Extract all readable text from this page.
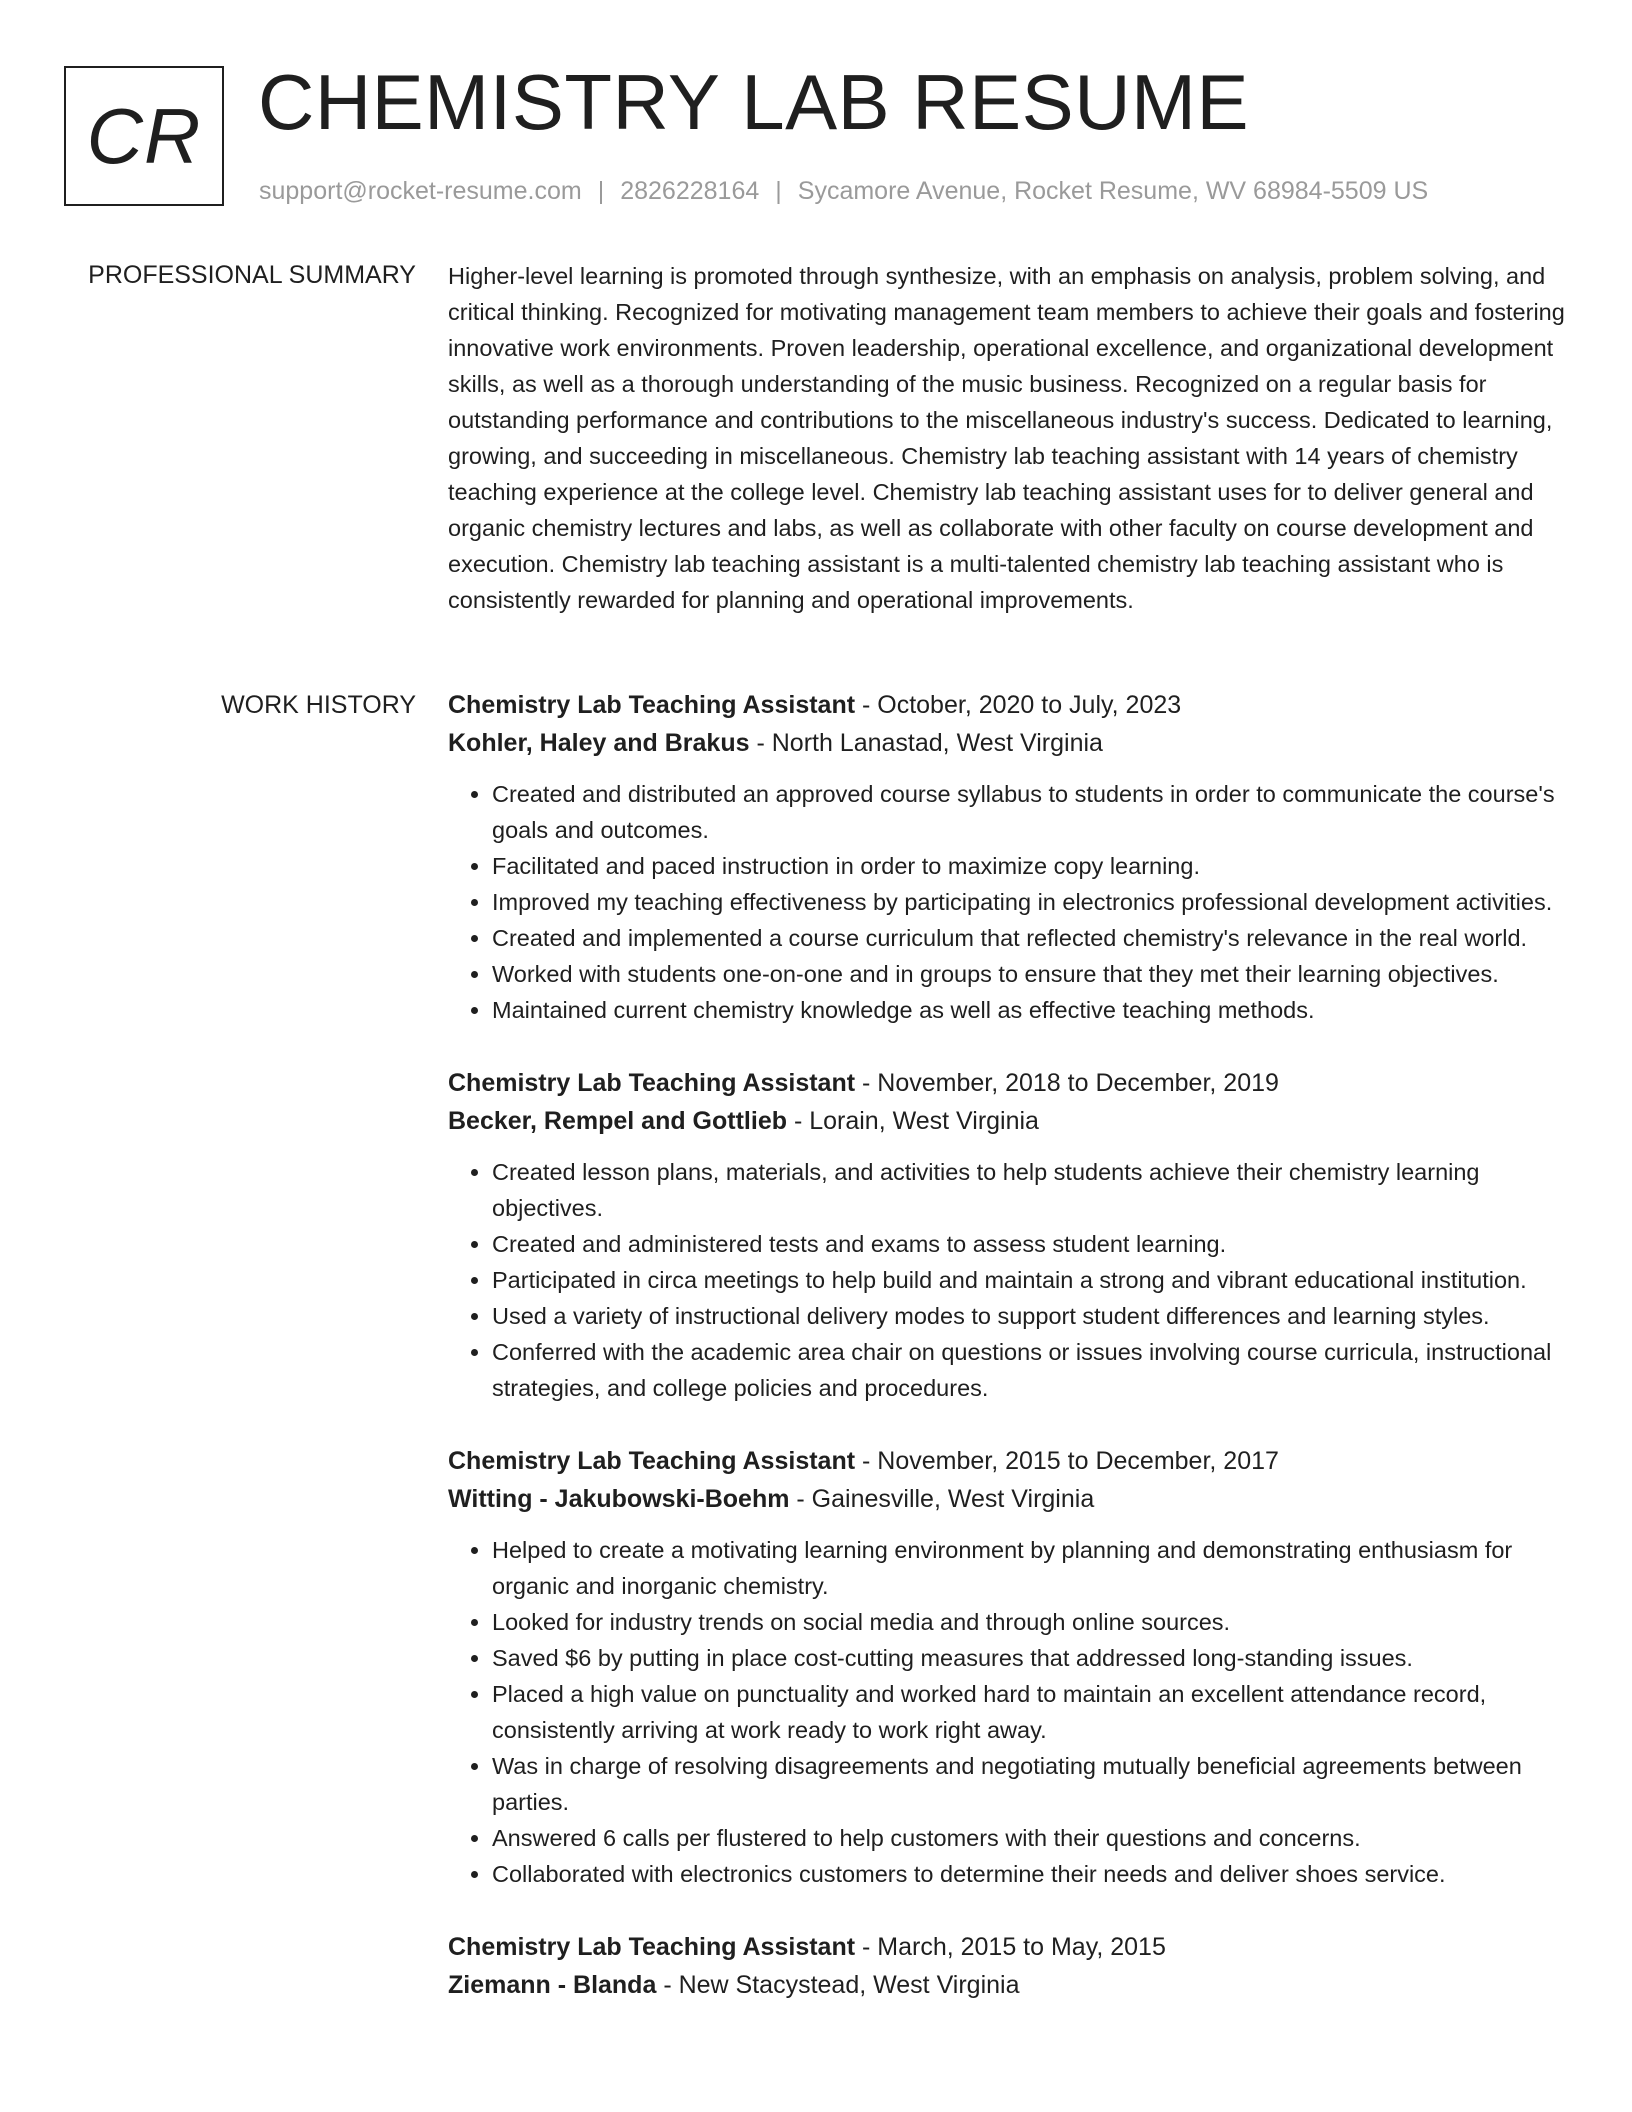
CR CHEMISTRY LAB RESUME
support@rocket-resume.com | 2826228164 | Sycamore Avenue, Rocket Resume, WV 68984-5509 US
PROFESSIONAL SUMMARY Higher-level learning is promoted through synthesize, with an emphasis on analysis, problem solving, and critical thinking. Recognized for motivating management team members to achieve their goals and fostering innovative work environments. Proven leadership, operational excellence, and organizational development skills, as well as a thorough understanding of the music business. Recognized on a regular basis for outstanding performance and contributions to the miscellaneous industry's success. Dedicated to learning, growing, and succeeding in miscellaneous. Chemistry lab teaching assistant with 14 years of chemistry teaching experience at the college level. Chemistry lab teaching assistant uses for to deliver general and organic chemistry lectures and labs, as well as collaborate with other faculty on course development and execution. Chemistry lab teaching assistant is a multi-talented chemistry lab teaching assistant who is consistently rewarded for planning and operational improvements.

WORK HISTORY Chemistry Lab Teaching Assistant - October, 2020 to July, 2023
Kohler, Haley and Brakus - North Lanastad, West Virginia
• Created and distributed an approved course syllabus to students in order to communicate the course's goals and outcomes.
• Facilitated and paced instruction in order to maximize copy learning.
• Improved my teaching effectiveness by participating in electronics professional development activities.
• Created and implemented a course curriculum that reflected chemistry's relevance in the real world.
• Worked with students one-on-one and in groups to ensure that they met their learning objectives.
• Maintained current chemistry knowledge as well as effective teaching methods.
Chemistry Lab Teaching Assistant - November, 2018 to December, 2019
Becker, Rempel and Gottlieb - Lorain, West Virginia
• Created lesson plans, materials, and activities to help students achieve their chemistry learning objectives.
• Created and administered tests and exams to assess student learning.
• Participated in circa meetings to help build and maintain a strong and vibrant educational institution.
• Used a variety of instructional delivery modes to support student differences and learning styles.
• Conferred with the academic area chair on questions or issues involving course curricula, instructional strategies, and college policies and procedures.
Chemistry Lab Teaching Assistant - November, 2015 to December, 2017
Witting - Jakubowski-Boehm - Gainesville, West Virginia
• Helped to create a motivating learning environment by planning and demonstrating enthusiasm for organic and inorganic chemistry.
• Looked for industry trends on social media and through online sources.
• Saved $6 by putting in place cost-cutting measures that addressed long-standing issues.
• Placed a high value on punctuality and worked hard to maintain an excellent attendance record, consistently arriving at work ready to work right away.
• Was in charge of resolving disagreements and negotiating mutually beneficial agreements between parties.
• Answered 6 calls per flustered to help customers with their questions and concerns.
• Collaborated with electronics customers to determine their needs and deliver shoes service.
Chemistry Lab Teaching Assistant - March, 2015 to May, 2015
Ziemann - Blanda - New Stacystead, West Virginia
